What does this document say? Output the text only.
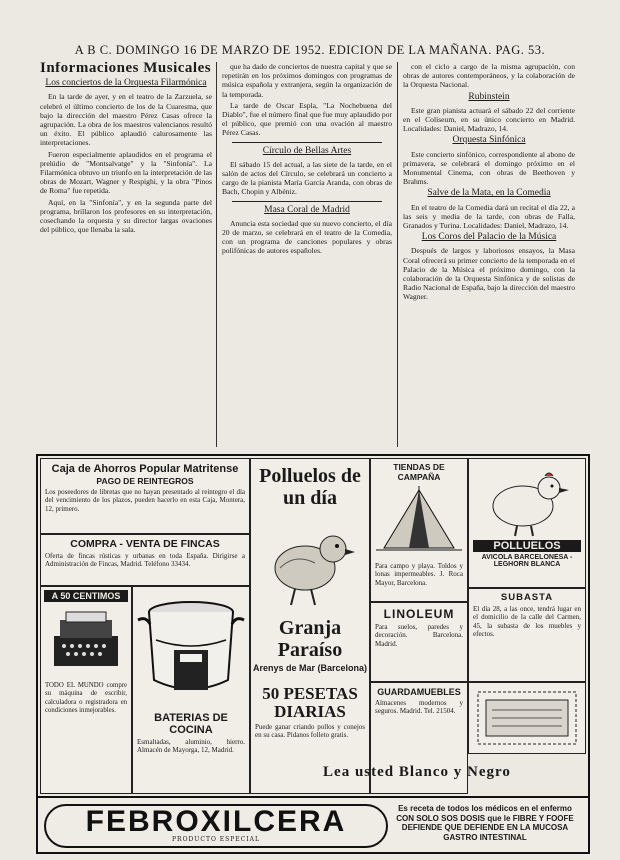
A B C. DOMINGO 16 DE MARZO DE 1952. EDICION DE LA MAÑANA. PAG. 53.
Informaciones Musicales
Los conciertos de la Orquesta Filarmónica

En la tarde de ayer, y en el teatro de la Zarzuela, se celebró el último concierto de los de la Cuaresma, que bajo la dirección del maestro Pérez Casas ofrece la agrupación. La obra de los maestros valencianos resultó un éxito. El público aplaudió calurosamente las interpretaciones.

Fueron especialmente aplaudidos en el programa el prelúdio de "Montsalvatge" y la "Sinfonía". La Filarmónica obtuvo un triunfo en la interpretación de las obras de Mozart, Wagner y Respighi, y la obra "Pinos de Roma" fue repetida.

Aquí, en la "Sinfonía", y en la segunda parte del programa, brillaron los profesores en su interpretación, cosechando la orquesta y su director largas ovaciones del público, que llenaba la sala.

que ha dado de conciertos de nuestra capital y que se repetirán en los próximos domingos con programas de música española y extranjera, según la organización de la temporada.

La tarde de Oscar Espla, "La Nochebuena del Diablo", fue el número final que fue muy aplaudido por el público, que premió con una ovación al maestro Pérez Casas.

Círculo de Bellas Artes

El sábado 15 del actual, a las siete de la tarde, en el salón de actos del Círculo, se celebrará un concierto a cargo de la pianista María García Aranda, con obras de Bach, Chopin y Albéniz.

Masa Coral de Madrid

Anuncia esta sociedad que su nuevo concierto, el día 20 de marzo, se celebrará en el teatro de la Comedia, con un programa de canciones populares y obras polifónicas de autores españoles.

con el ciclo a cargo de la misma agrupación, con obras de autores contemporáneos, y la colaboración de la Orquesta Nacional.

Rubinstein

Este gran pianista actuará el sábado 22 del corriente en el Coliseum, en su único concierto en Madrid. Localidades: Daniel, Madrazo, 14.

Orquesta Sinfónica

Este concierto sinfónico, correspondiente al abono de primavera, se celebrará el domingo próximo en el Monumental Cinema, con obras de Beethoven y Brahms.

Salve de la Mata, en la Comedia

En el teatro de la Comedia dará un recital el día 22, a las seis y media de la tarde, con obras de Falla, Granados y Turina. Localidades: Daniel, Madrazo, 14.

Los Coros del Palacio de la Música

Después de largos y laboriosos ensayos, la Masa Coral ofrecerá su primer concierto de la temporada en el Palacio de la Música el próximo domingo, con la colaboración de la Orquesta Sinfónica y de solistas de Radio Nacional de España, bajo la dirección del maestro Wagner.

Caja de Ahorros Popular Matritense
PAGO DE REINTEGROS
Los poseedores de libretas que no hayan presentado al reintegro el día del vencimiento de los plazos, pueden hacerlo en esta Caja, Montera, 12, primero.
COMPRA - VENTA DE FINCAS
Oferta de fincas rústicas y urbanas en toda España. Dirigirse a Administración de Fincas, Madrid. Teléfono 33434.
A 50 CENTIMOS
TODO EL MUNDO compre su máquina de escribir, calculadora o registradora en condiciones inmejorables.
BATERIAS DE COCINA
Esmaltadas, aluminio, hierro. Almacén de Mayorga, 12, Madrid.
Polluelos de un día
Granja Paraíso
Arenys de Mar (Barcelona)
50 PESETAS DIARIAS
Puede ganar criando pollos y conejos en su casa. Pídanos folleto gratis.
TIENDAS DE CAMPAÑA
Para campo y playa. Toldos y lonas impermeables. J. Roca Mayor, Barcelona.
LINOLEUM
Para suelos, paredes y decoración. Barcelona. Madrid.
GUARDAMUEBLES
Almacenes modernos y seguros. Madrid. Tel. 21504.
POLLUELOS
AVICOLA BARCELONESA - LEGHORN BLANCA
SUBASTA
El día 28, a las once, tendrá lugar en el domicilio de la calle del Carmen, 45, la subasta de los muebles y efectos.
Lea usted Blanco y Negro
FEBROXILCERA
PRODUCTO ESPECIAL
Es receta de todos los médicos en el enfermo CON SOLO SOS DOSIS que le FIBRE Y FOOFE DEFIENDE QUE DEFIENDE EN LA MUCOSA GASTRO INTESTINAL
